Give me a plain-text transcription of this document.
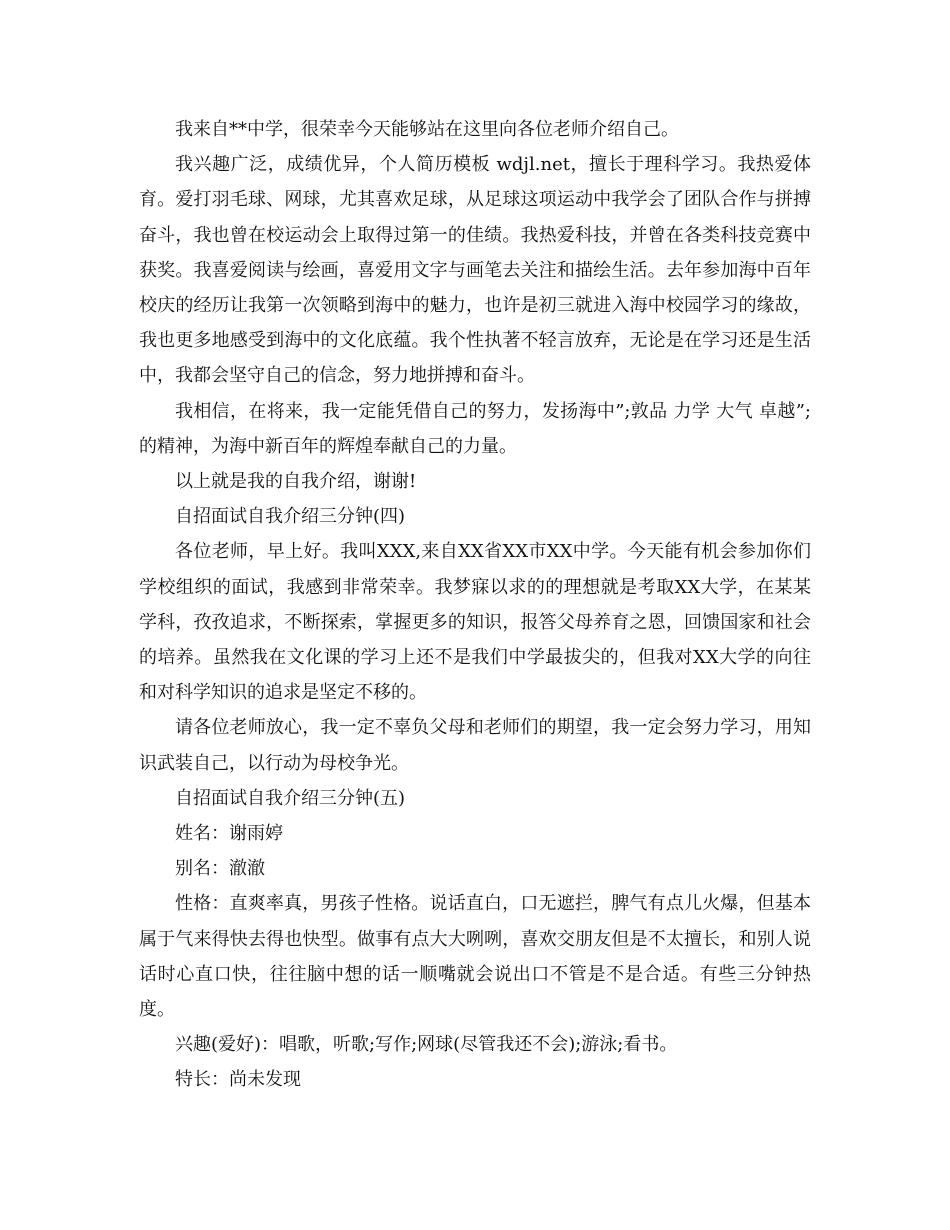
我来自**中学，很荣幸今天能够站在这里向各位老师介绍自己。

我兴趣广泛，成绩优异，个人简历模板 wdjl.net，擅长于理科学习。我热爱体育。爱打羽毛球、网球，尤其喜欢足球，从足球这项运动中我学会了团队合作与拼搏奋斗，我也曾在校运动会上取得过第一的佳绩。我热爱科技，并曾在各类科技竞赛中获奖。我喜爱阅读与绘画，喜爱用文字与画笔去关注和描绘生活。去年参加海中百年校庆的经历让我第一次领略到海中的魅力，也许是初三就进入海中校园学习的缘故，我也更多地感受到海中的文化底蕴。我个性执著不轻言放弃，无论是在学习还是生活中，我都会坚守自己的信念，努力地拼搏和奋斗。

我相信，在将来，我一定能凭借自己的努力，发扬海中”;敦品 力学 大气 卓越”;的精神，为海中新百年的辉煌奉献自己的力量。

以上就是我的自我介绍，谢谢!

自招面试自我介绍三分钟(四)

各位老师，早上好。我叫XXX,来自XX省XX市XX中学。今天能有机会参加你们学校组织的面试，我感到非常荣幸。我梦寐以求的的理想就是考取XX大学，在某某学科，孜孜追求，不断探索，掌握更多的知识，报答父母养育之恩，回馈国家和社会的培养。虽然我在文化课的学习上还不是我们中学最拔尖的，但我对XX大学的向往和对科学知识的追求是坚定不移的。

请各位老师放心，我一定不辜负父母和老师们的期望，我一定会努力学习，用知识武装自己，以行动为母校争光。

自招面试自我介绍三分钟(五)

姓名：谢雨婷

别名：澈澈

性格：直爽率真，男孩子性格。说话直白，口无遮拦，脾气有点儿火爆，但基本属于气来得快去得也快型。做事有点大大咧咧，喜欢交朋友但是不太擅长，和别人说话时心直口快，往往脑中想的话一顺嘴就会说出口不管是不是合适。有些三分钟热度。

兴趣(爱好)：唱歌，听歌;写作;网球(尽管我还不会);游泳;看书。

特长：尚未发现
